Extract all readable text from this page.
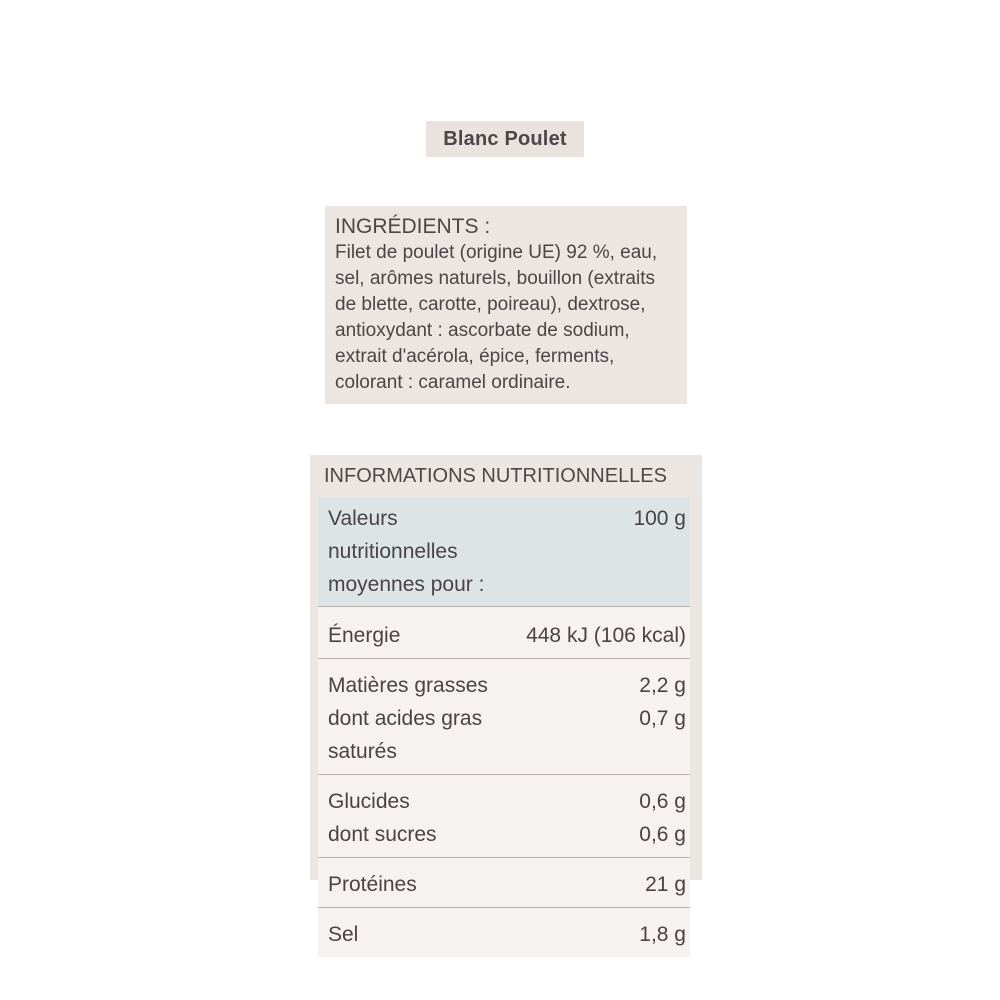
Blanc Poulet
INGRÉDIENTS :
Filet de poulet (origine UE) 92 %, eau,
sel, arômes naturels, bouillon (extraits
de blette, carotte, poireau), dextrose,
antioxydant : ascorbate de sodium,
extrait d'acérola, épice, ferments,
colorant : caramel ordinaire.
INFORMATIONS NUTRITIONNELLES
Valeurs nutritionnelles
moyennes pour :	100 g
Énergie	448 kJ (106 kcal)
Matières grasses	2,2 g
dont acides gras saturés	0,7 g
Glucides	0,6 g
dont sucres	0,6 g
Protéines	21 g
Sel	1,8 g
